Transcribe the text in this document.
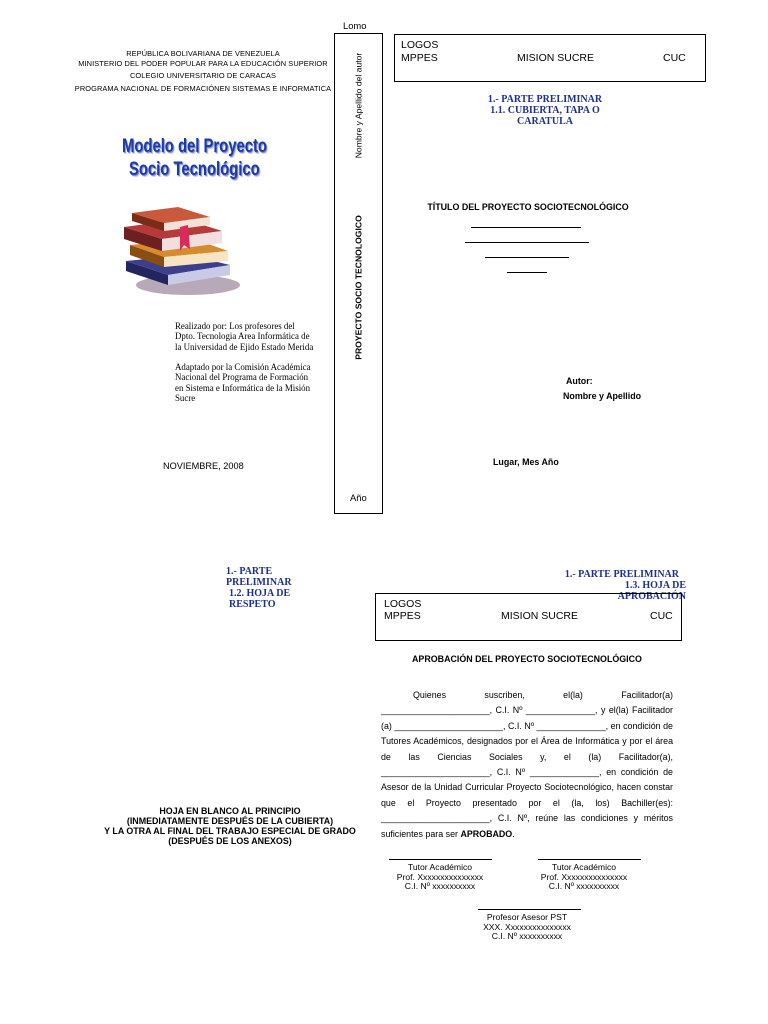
REPÚBLICA BOLIVARIANA DE VENEZUELA
MINISTERIO DEL PODER POPULAR PARA LA EDUCACIÓN SUPERIOR
COLEGIO UNIVERSITARIO DE CARACAS
PROGRAMA NACIONAL DE FORMACIÓNEN SISTEMAS E INFORMATICA
Modelo del Proyecto
Socio Tecnológico
Realizado por: Los profesores del
Dpto. Tecnologia Area Informática de
la Universidad de Ejido Estado Merida
Adaptado por la Comisión Académica
Nacional del Programa de Formación
en Sistema e Informática de la Misión
Sucre
NOVIEMBRE, 2008
Lomo
Nombre y Apellido del autor
PROYECTO SOCIO TECNOLOGICO
Año
LOGOS
MPPES	MISION SUCRE	CUC
1.- PARTE PRELIMINAR
1.1. CUBIERTA, TAPA O
CARATULA
TÍTULO DEL PROYECTO SOCIOTECNOLÓGICO
Autor:
Nombre y Apellido
Lugar, Mes Año
1.- PARTE PRELIMINAR
1.2. HOJA DE RESPETO
HOJA EN BLANCO AL PRINCIPIO
(INMEDIATAMENTE DESPUÉS DE LA CUBIERTA)
Y LA OTRA AL FINAL DEL TRABAJO ESPECIAL DE GRADO
(DESPUÉS DE LOS ANEXOS)
1.- PARTE PRELIMINAR
1.3. HOJA DE APROBACIÓN
LOGOS
MPPES	MISION SUCRE	CUC
APROBACIÓN DEL PROYECTO SOCIOTECNOLÓGICO
Quienes suscriben, el(la) Facilitador(a)
______________________, C.I. Nº ______________, y el(la) Facilitador
(a) ______________________, C.I. Nº ______________, en condición de
Tutores Académicos, designados por el Área de Informática y por el área
de las Ciencias Sociales y, el (la) Facilitador(a),
______________________, C.I. Nº ______________, en condición de
Asesor de la Unidad Curricular Proyecto Sociotecnológico, hacen constar
que el Proyecto presentado por el (la, los) Bachiller(es):
______________________, C.I. Nº, reúne las condiciones y méritos
suficientes para ser APROBADO.
Tutor Académico
Prof. Xxxxxxxxxxxxxxx
C.I. Nº xxxxxxxxxx
Tutor Académico
Prof. Xxxxxxxxxxxxxxx
C.I. Nº xxxxxxxxxx
Profesor Asesor PST
XXX. Xxxxxxxxxxxxxxx
C.I. Nº xxxxxxxxxx
